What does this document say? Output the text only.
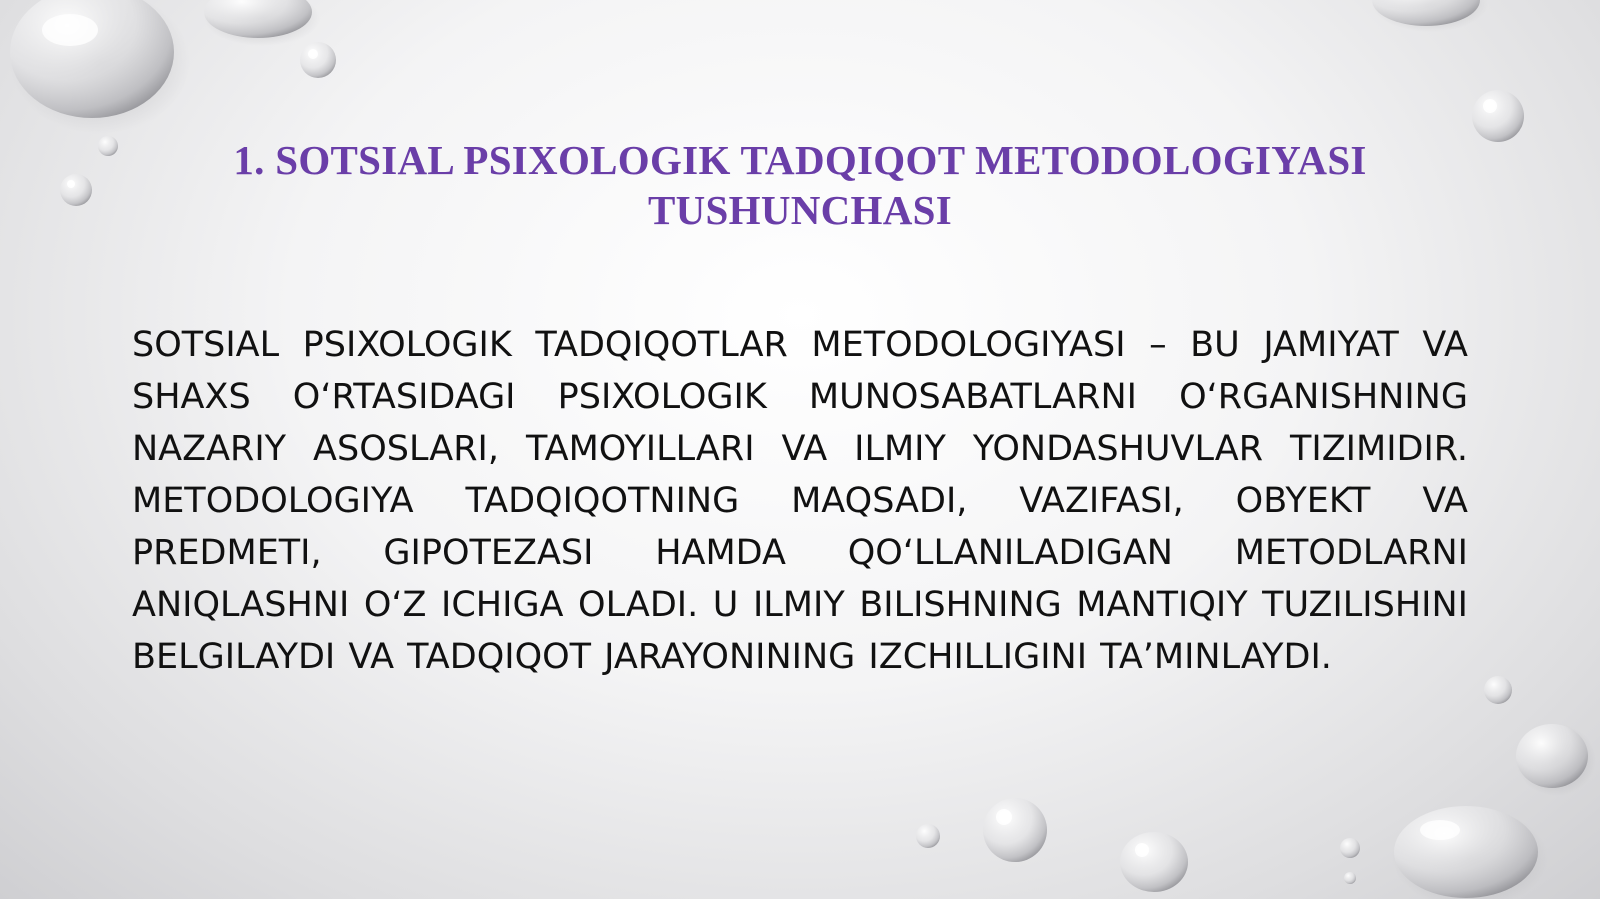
1. SOTSIAL PSIXOLOGIK TADQIQOT METODOLOGIYASI TUSHUNCHASI

SOTSIAL PSIXOLOGIK TADQIQOTLAR METODOLOGIYASI – BU JAMIYAT VA SHAXS O‘RTASIDAGI PSIXOLOGIK MUNOSABATLARNI O‘RGANISHNING NAZARIY ASOSLARI, TAMOYILLARI VA ILMIY YONDASHUVLAR TIZIMIDIR. METODOLOGIYA TADQIQOTNING MAQSADI, VAZIFASI, OBYEKT VA PREDMETI, GIPOTEZASI HAMDA QO‘LLANILADIGAN METODLARNI ANIQLASHNI O‘Z ICHIGA OLADI. U ILMIY BILISHNING MANTIQIY TUZILISHINI BELGILAYDI VA TADQIQOT JARAYONINING IZCHILLIGINI TA’MINLAYDI.
